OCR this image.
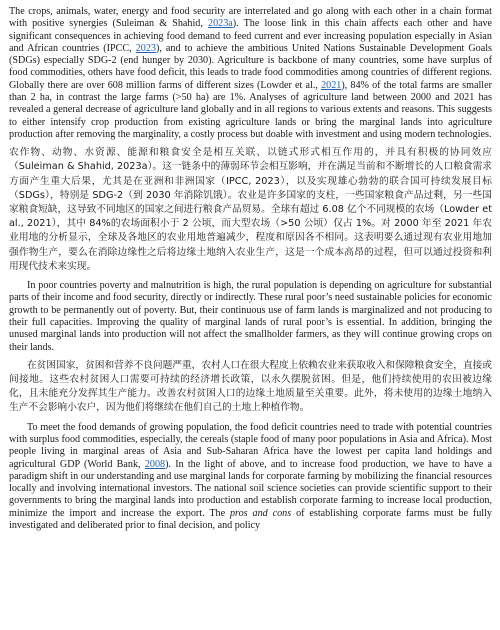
The crops, animals, water, energy and food security are interrelated and go along with each other in a chain format with positive synergies (Suleiman & Shahid, 2023a). The loose link in this chain affects each other and have significant consequences in achieving food demand to feed current and ever increasing population especially in Asian and African countries (IPCC, 2023), and to achieve the ambitious United Nations Sustainable Development Goals (SDGs) especially SDG-2 (end hunger by 2030). Agriculture is backbone of many countries, some have surplus of food commodities, others have food deficit, this leads to trade food commodities among countries of different regions. Globally there are over 608 million farms of different sizes (Lowder et al., 2021), 84% of the total farms are smaller than 2 ha, in contrast the large farms (>50 ha) are 1%. Analyses of agriculture land between 2000 and 2021 has revealed a general decrease of agriculture land globally and in all regions to various extents and reasons. This suggests to either intensify crop production from existing agriculture lands or bring the marginal lands into agriculture production after removing the marginality, a costly process but doable with investment and using modern technologies.

农作物、动物、水资源、能源和粮食安全是相互关联、以链式形式相互作用的，并具有积极的协同效应（Suleiman & Shahid, 2023a）。这一链条中的薄弱环节会相互影响，并在满足当前和不断增长的人口粮食需求方面产生重大后果，尤其是在亚洲和非洲国家（IPCC, 2023），以及实现雄心勃勃的联合国可持续发展目标（SDGs），特别是 SDG-2（到 2030 年消除饥饿）。农业是许多国家的支柱，一些国家粮食产品过剩，另一些国家粮食短缺，这导致不同地区的国家之间进行粮食产品贸易。全球有超过 6.08 亿个不同规模的农场（Lowder et al., 2021），其中 84%的农场面积小于 2 公顷，而大型农场（>50 公顷）仅占 1%。对 2000 年至 2021 年农业用地的分析显示，全球及各地区的农业用地普遍减少，程度和原因各不相同。这表明要么通过现有农业用地加强作物生产，要么在消除边缘性之后将边缘土地纳入农业生产，这是一个成本高昂的过程，但可以通过投资和利用现代技术来实现。

In poor countries poverty and malnutrition is high, the rural population is depending on agriculture for substantial parts of their income and food security, directly or indirectly. These rural poor’s need sustainable policies for economic growth to be permanently out of poverty. But, their continuous use of farm lands is marginalized and not producing to their full capacities. Improving the quality of marginal lands of rural poor’s is essential. In addition, bringing the unused marginal lands into production will not affect the smallholder farmers, as they will continue growing crops on their lands.

在贫困国家，贫困和营养不良问题严重，农村人口在很大程度上依赖农业来获取收入和保障粮食安全，直接或间接地。这些农村贫困人口需要可持续的经济增长政策，以永久摆脱贫困。但是，他们持续使用的农田被边缘化，且未能充分发挥其生产能力。改善农村贫困人口的边缘土地质量至关重要。此外，将未使用的边缘土地纳入生产不会影响小农户，因为他们将继续在他们自己的土地上种植作物。

To meet the food demands of growing population, the food deficit countries need to trade with potential countries with surplus food commodities, especially, the cereals (staple food of many poor populations in Asia and Africa). Most people living in marginal areas of Asia and Sub-Saharan Africa have the lowest per capita land holdings and agricultural GDP (World Bank, 2008). In the light of above, and to increase food production, we have to have a paradigm shift in our understanding and use marginal lands for corporate farming by mobilizing the financial resources locally and involving international investors. The national soil science societies can provide scientific support to their governments to bring the marginal lands into production and establish corporate farming to increase local production, minimize the import and increase the export. The pros and cons of establishing corporate farms must be fully investigated and deliberated prior to final decision, and policy
